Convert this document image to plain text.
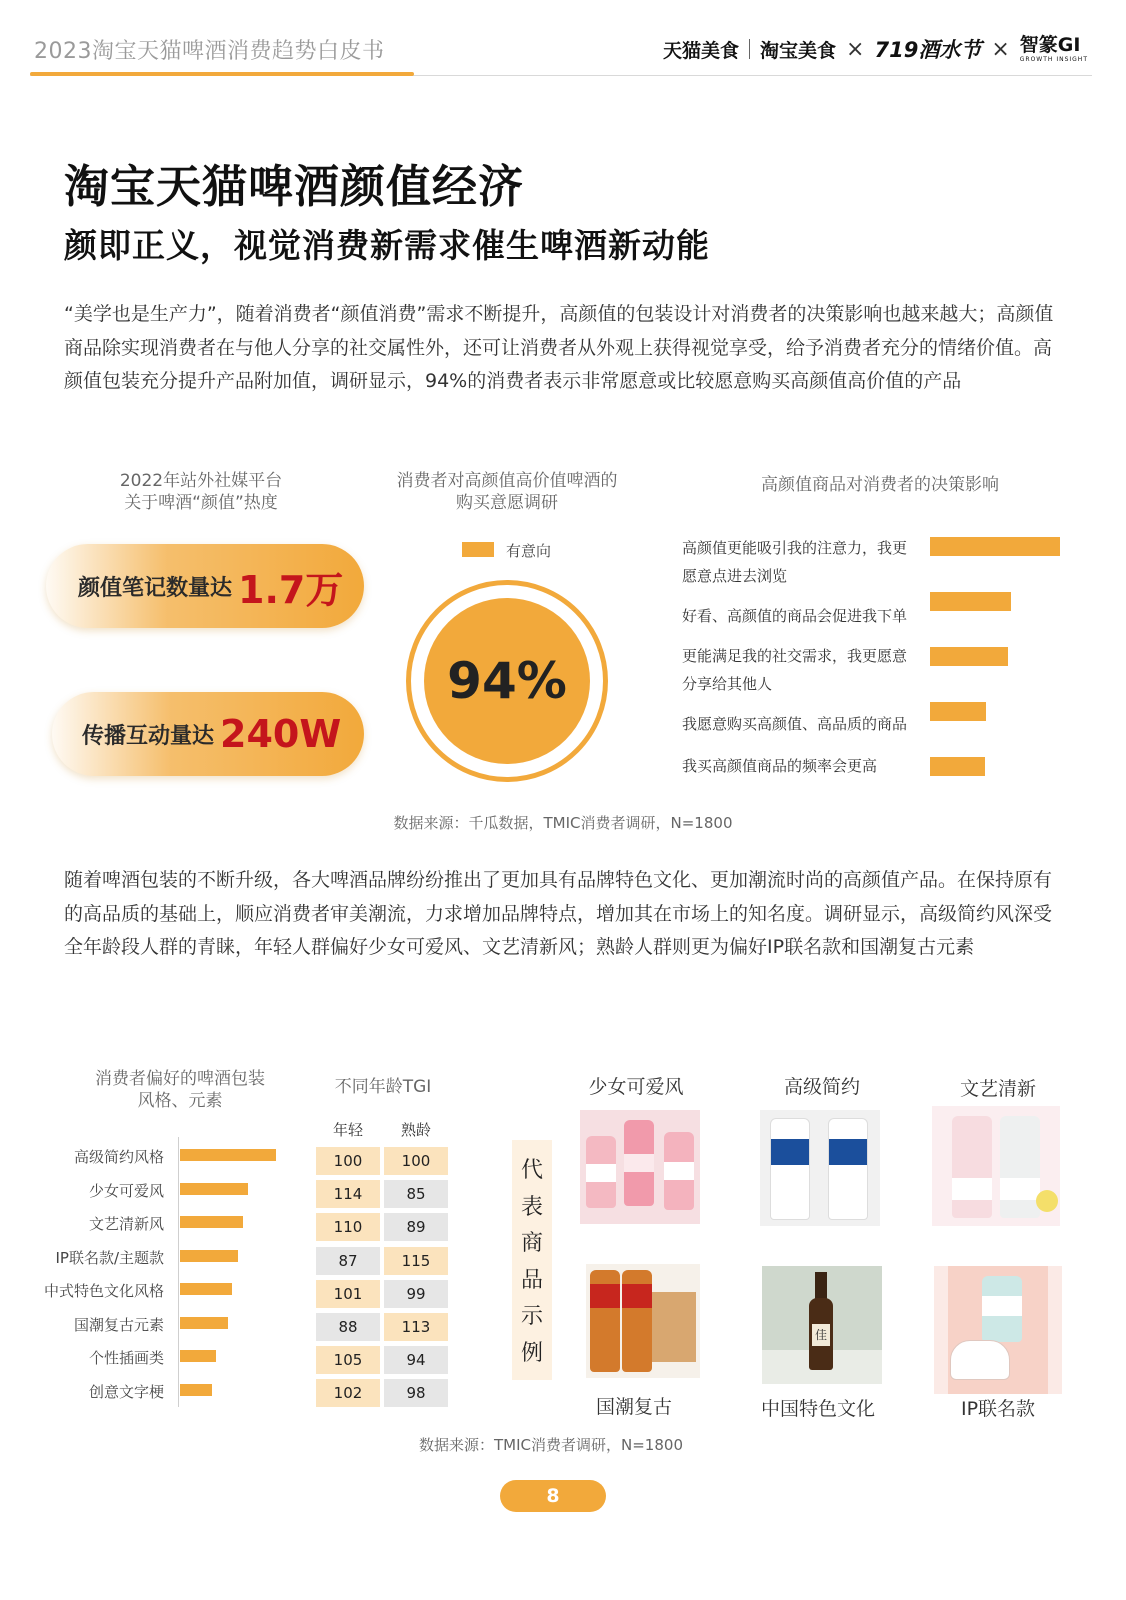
2023淘宝天猫啤酒消费趋势白皮书	天猫美食 淘宝美食 × 719酒水节 × 智篆GI
GROWTH INSIGHT
淘宝天猫啤酒颜值经济
颜即正义，视觉消费新需求催生啤酒新动能
“美学也是生产力”，随着消费者“颜值消费”需求不断提升，高颜值的包装设计对消费者的决策影响也越来越大；高颜值商品除实现消费者在与他人分享的社交属性外，还可让消费者从外观上获得视觉享受，给予消费者充分的情绪价值。高颜值包装充分提升产品附加值，调研显示，94%的消费者表示非常愿意或比较愿意购买高颜值高价值的产品
2022年站外社媒平台
关于啤酒“颜值”热度
颜值笔记数量达 1.7万
传播互动量达 240W
消费者对高颜值高价值啤酒的
购买意愿调研
有意向
94%
高颜值商品对消费者的决策影响
高颜值更能吸引我的注意力，我更
愿意点进去浏览
好看、高颜值的商品会促进我下单
更能满足我的社交需求，我更愿意
分享给其他人
我愿意购买高颜值、高品质的商品
我买高颜值商品的频率会更高
数据来源：千瓜数据，TMIC消费者调研，N=1800
随着啤酒包装的不断升级，各大啤酒品牌纷纷推出了更加具有品牌特色文化、更加潮流时尚的高颜值产品。在保持原有的高品质的基础上，顺应消费者审美潮流，力求增加品牌特点，增加其在市场上的知名度。调研显示，高级简约风深受全年龄段人群的青睐，年轻人群偏好少女可爱风、文艺清新风；熟龄人群则更为偏好IP联名款和国潮复古元素
消费者偏好的啤酒包装
风格、元素
高级简约风格
少女可爱风
文艺清新风
IP联名款/主题款
中式特色文化风格
国潮复古元素
个性插画类
创意文字梗
不同年龄TGI
年轻	熟龄
100	100
114	85
110	89
87	115
101	99
88	113
105	94
102	98
代
表
商
品
示
例
少女可爱风	高级简约	文艺清新
国潮复古	中国特色文化	IP联名款
佳
数据来源：TMIC消费者调研，N=1800
8
